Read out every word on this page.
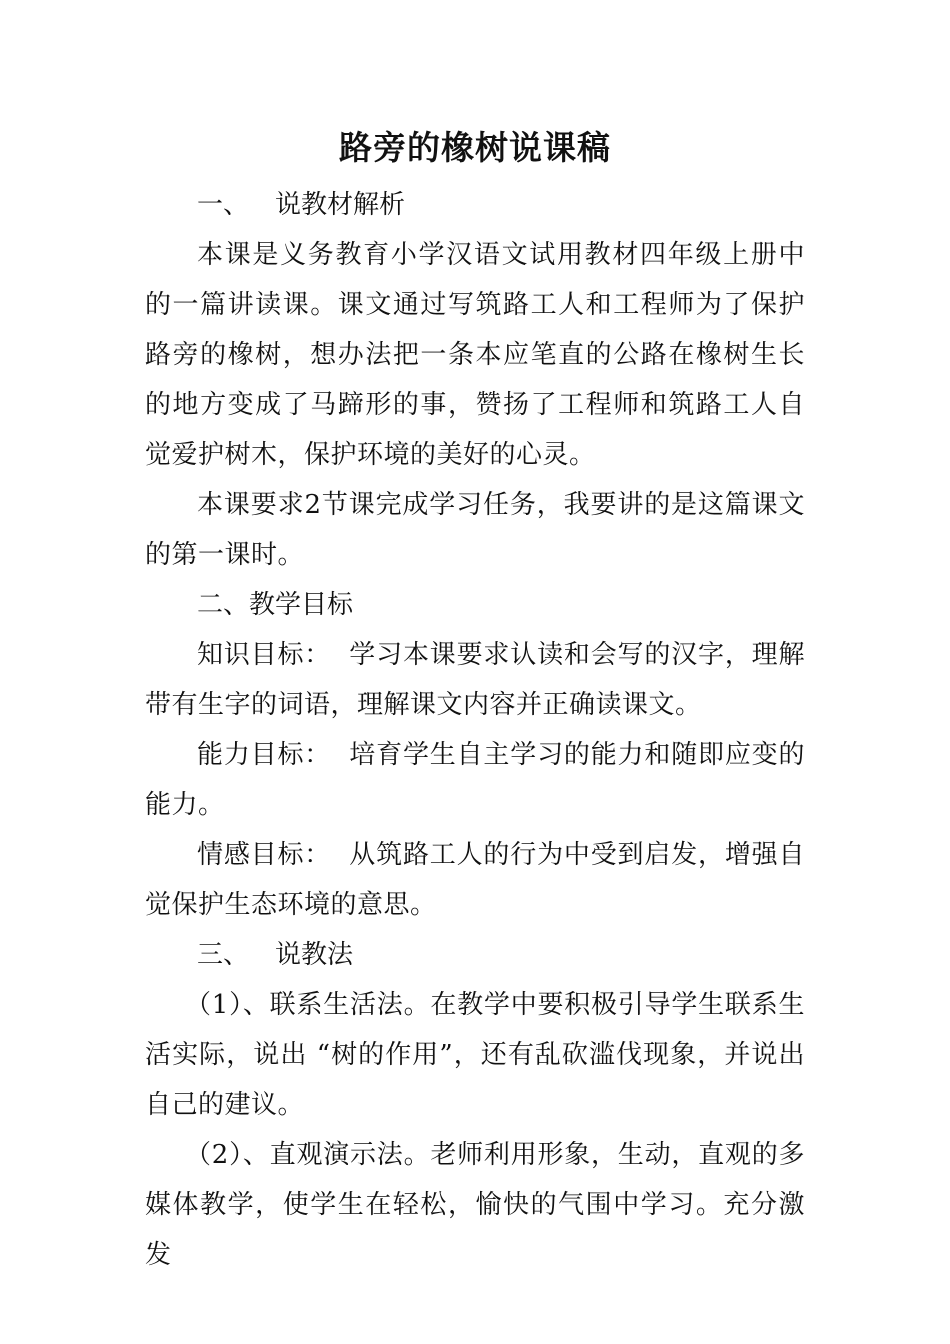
路旁的橡树说课稿

一、 说教材解析

本课是义务教育小学汉语文试用教材四年级上册中的一篇讲读课。课文通过写筑路工人和工程师为了保护路旁的橡树，想办法把一条本应笔直的公路在橡树生长的地方变成了马蹄形的事，赞扬了工程师和筑路工人自觉爱护树木，保护环境的美好的心灵。

本课要求2节课完成学习任务，我要讲的是这篇课文的第一课时。

二、教学目标

知识目标：  学习本课要求认读和会写的汉字，理解带有生字的词语，理解课文内容并正确读课文。

能力目标：  培育学生自主学习的能力和随即应变的能力。

情感目标：  从筑路工人的行为中受到启发，增强自觉保护生态环境的意思。

三、 说教法

（1）、联系生活法。在教学中要积极引导学生联系生活实际，说出 “树的作用”，还有乱砍滥伐现象，并说出自己的建议。

（2）、直观演示法。老师利用形象，生动，直观的多媒体教学，使学生在轻松，愉快的气围中学习。充分激发
